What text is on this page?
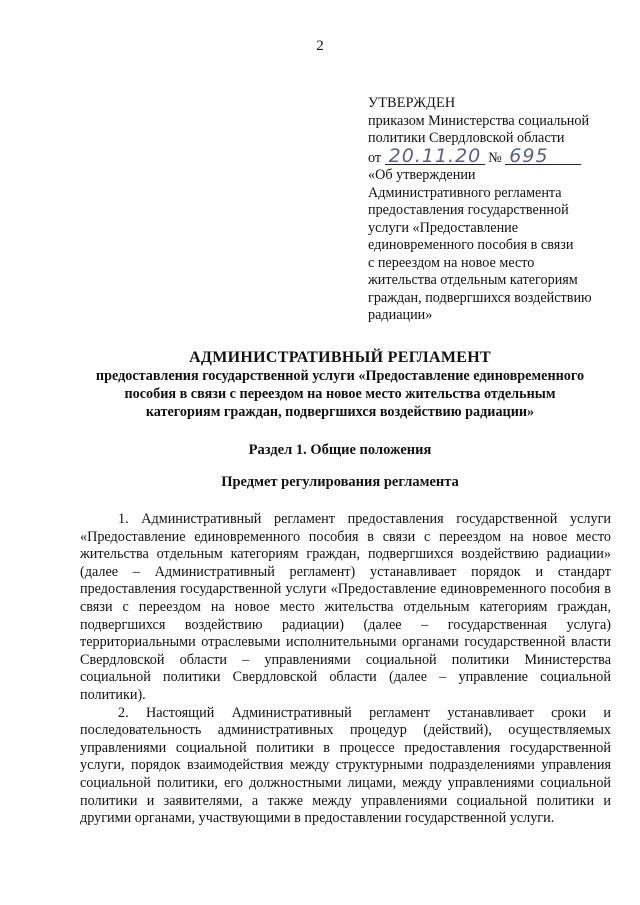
2
УТВЕРЖДЕН
приказом Министерства социальной
политики Свердловской области
от 20.11.20 № 695
«Об утверждении
Административного регламента
предоставления государственной
услуги «Предоставление
единовременного пособия в связи
с переездом на новое место
жительства отдельным категориям
граждан, подвергшихся воздействию
радиации»
АДМИНИСТРАТИВНЫЙ РЕГЛАМЕНТ
предоставления государственной услуги «Предоставление единовременного
пособия в связи с переездом на новое место жительства отдельным
категориям граждан, подвергшихся воздействию радиации»
Раздел 1. Общие положения
Предмет регулирования регламента

1. Административный регламент предоставления государственной услуги «Предоставление единовременного пособия в связи с переездом на новое место жительства отдельным категориям граждан, подвергшихся воздействию радиации» (далее – Административный регламент) устанавливает порядок и стандарт предоставления государственной услуги «Предоставление единовременного пособия в связи с переездом на новое место жительства отдельным категориям граждан, подвергшихся воздействию радиации) (далее – государственная услуга) территориальными отраслевыми исполнительными органами государственной власти Свердловской области – управлениями социальной политики Министерства социальной политики Свердловской области (далее – управление социальной политики).

2. Настоящий Административный регламент устанавливает сроки и последовательность административных процедур (действий), осуществляемых управлениями социальной политики в процессе предоставления государственной услуги, порядок взаимодействия между структурными подразделениями управления социальной политики, его должностными лицами, между управлениями социальной политики и заявителями, а также между управлениями социальной политики и другими органами, участвующими в предоставлении государственной услуги.
